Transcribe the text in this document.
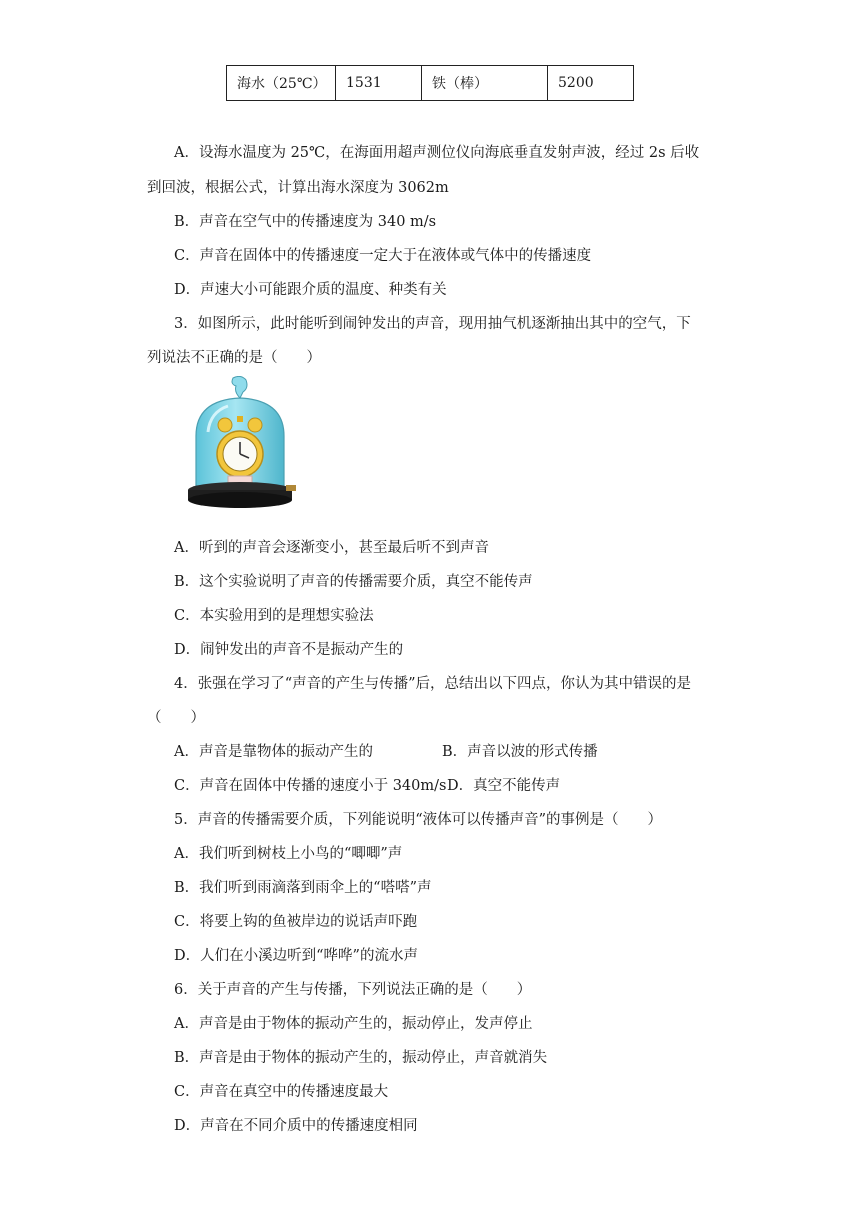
海水（25℃）	1531	铁（棒）	5200
A．设海水温度为 25℃，在海面用超声测位仪向海底垂直发射声波，经过 2s 后收
到回波，根据公式，计算出海水深度为 3062m
B．声音在空气中的传播速度为 340 m/s
C．声音在固体中的传播速度一定大于在液体或气体中的传播速度
D．声速大小可能跟介质的温度、种类有关
3．如图所示，此时能听到闹钟发出的声音，现用抽气机逐渐抽出其中的空气，下
列说法不正确的是（　　）
A．听到的声音会逐渐变小，甚至最后听不到声音
B．这个实验说明了声音的传播需要介质，真空不能传声
C．本实验用到的是理想实验法
D．闹钟发出的声音不是振动产生的
4．张强在学习了“声音的产生与传播”后，总结出以下四点，你认为其中错误的是
（　　）
A．声音是靠物体的振动产生的	B．声音以波的形式传播
C．声音在固体中传播的速度小于 340m/s D．真空不能传声
5．声音的传播需要介质，下列能说明“液体可以传播声音”的事例是（　　）
A．我们听到树枝上小鸟的“唧唧”声
B．我们听到雨滴落到雨伞上的“嗒嗒”声
C．将要上钩的鱼被岸边的说话声吓跑
D．人们在小溪边听到“哗哗”的流水声
6．关于声音的产生与传播，下列说法正确的是（　　）
A．声音是由于物体的振动产生的，振动停止，发声停止
B．声音是由于物体的振动产生的，振动停止，声音就消失
C．声音在真空中的传播速度最大
D．声音在不同介质中的传播速度相同
